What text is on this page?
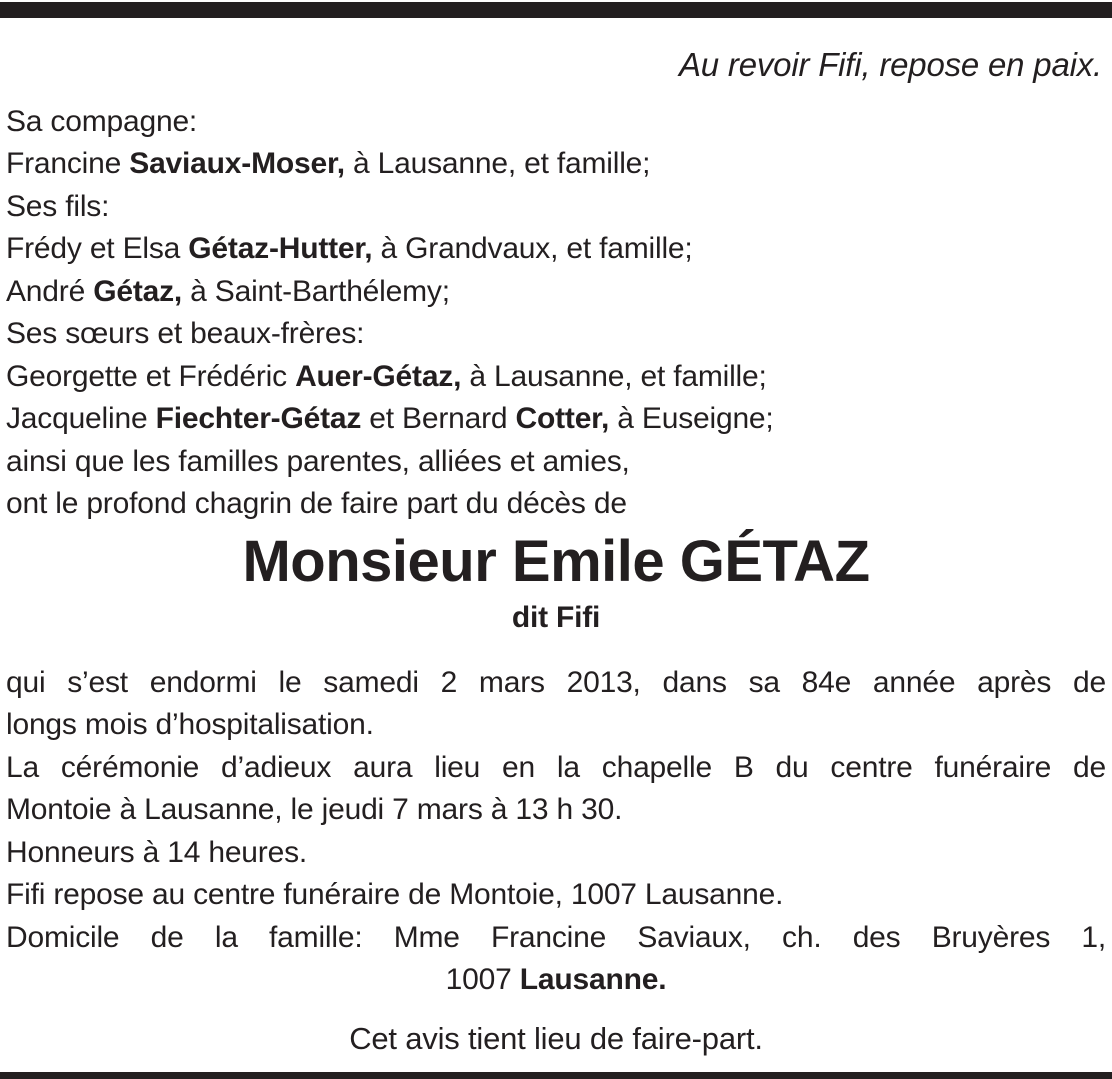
Au revoir Fifi, repose en paix.

Sa compagne:

Francine Saviaux-Moser, à Lausanne, et famille;

Ses fils:

Frédy et Elsa Gétaz-Hutter, à Grandvaux, et famille;

André Gétaz, à Saint-Barthélemy;

Ses sœurs et beaux-frères:

Georgette et Frédéric Auer-Gétaz, à Lausanne, et famille;

Jacqueline Fiechter-Gétaz et Bernard Cotter, à Euseigne;

ainsi que les familles parentes, alliées et amies,

ont le profond chagrin de faire part du décès de

Monsieur Emile GÉTAZ
dit Fifi

qui s’est endormi le samedi 2 mars 2013, dans sa 84e année après de
longs mois d’hospitalisation.

La cérémonie d’adieux aura lieu en la chapelle B du centre funéraire de
Montoie à Lausanne, le jeudi 7 mars à 13 h 30.

Honneurs à 14 heures.

Fifi repose au centre funéraire de Montoie, 1007 Lausanne.

Domicile de la famille: Mme Francine Saviaux, ch. des Bruyères 1,
1007 Lausanne.

Cet avis tient lieu de faire-part.
